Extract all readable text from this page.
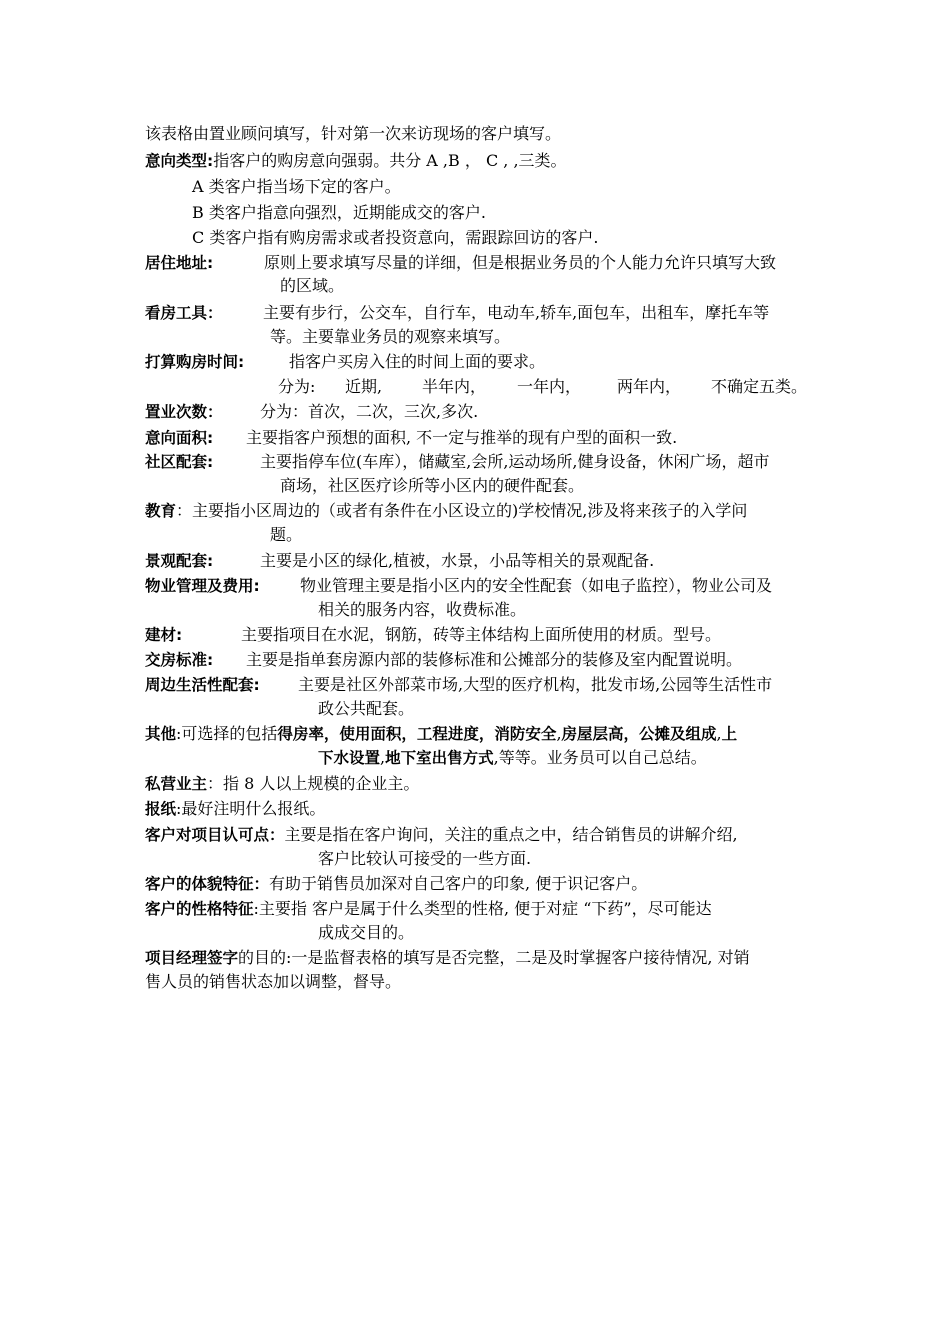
该表格由置业顾问填写，针对第一次来访现场的客户填写。
意向类型:指客户的购房意向强弱。共分 A ,B ， C , ,三类。
A 类客户指当场下定的客户。
B 类客户指意向强烈，近期能成交的客户.
C 类客户指有购房需求或者投资意向，需跟踪回访的客户.
居住地址:	原则上要求填写尽量的详细，但是根据业务员的个人能力允许只填写大致
的区域。
看房工具：	主要有步行，公交车，自行车，电动车,轿车,面包车，出租车，摩托车等
等。主要靠业务员的观察来填写。
打算购房时间:	指客户买房入住的时间上面的要求。
分为: 近期, 半年内， 一年内， 两年内， 不确定五类。
置业次数： 分为：首次，二次，三次,多次.
意向面积: 主要指客户预想的面积, 不一定与推举的现有户型的面积一致.
社区配套:	主要指停车位(车库），储藏室,会所,运动场所,健身设备，休闲广场，超市
商场，社区医疗诊所等小区内的硬件配套。
教育：主要指小区周边的（或者有条件在小区设立的)学校情况,涉及将来孩子的入学问
题。
景观配套:	主要是小区的绿化,植被，水景，小品等相关的景观配备.
物业管理及费用:	物业管理主要是指小区内的安全性配套（如电子监控），物业公司及
相关的服务内容，收费标准。
建材:	主要指项目在水泥，钢筋，砖等主体结构上面所使用的材质。型号。
交房标准: 主要是指单套房源内部的装修标准和公摊部分的装修及室内配置说明。
周边生活性配套: 主要是社区外部菜市场,大型的医疗机构，批发市场,公园等生活性市
政公共配套。
其他:可选择的包括得房率，使用面积，工程进度，消防安全,房屋层高，公摊及组成,上
下水设置,地下室出售方式,等等。业务员可以自己总结。
私营业主：指 8 人以上规模的企业主。
报纸:最好注明什么报纸。
客户对项目认可点：主要是指在客户询问，关注的重点之中，结合销售员的讲解介绍,
客户比较认可接受的一些方面.
客户的体貌特征：有助于销售员加深对自己客户的印象, 便于识记客户。
客户的性格特征:主要指 客户是属于什么类型的性格, 便于对症 “下药”，尽可能达
成成交目的。
项目经理签字的目的:一是监督表格的填写是否完整，二是及时掌握客户接待情况, 对销
售人员的销售状态加以调整，督导。
